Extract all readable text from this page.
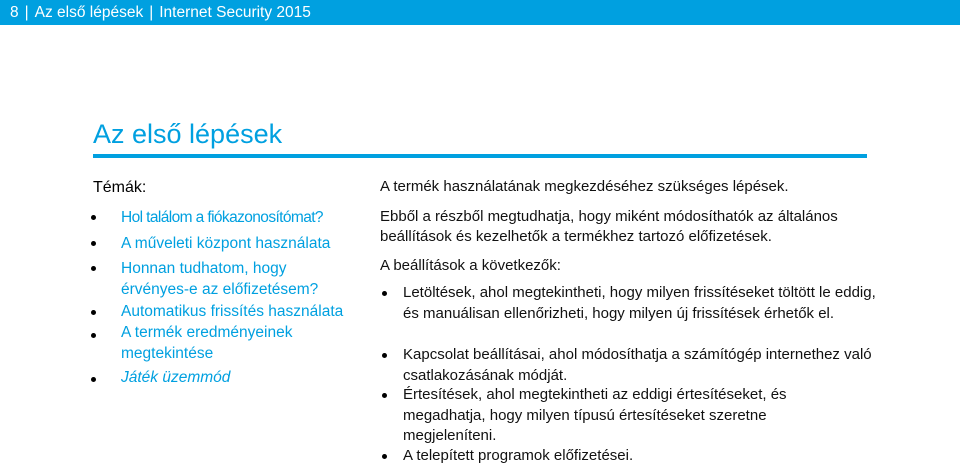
8 | Az első lépések | Internet Security 2015
Az első lépések
Témák:
Hol találom a fiókazonosítómat?
A műveleti központ használata
Honnan tudhatom, hogy érvényes-e az előfizetésem?
Automatikus frissítés használata
A termék eredményeinek megtekintése
Játék üzemmód
A termék használatának megkezdéséhez szükséges lépések.
Ebből a részből megtudhatja, hogy miként módosíthatók az általános beállítások és kezelhetők a termékhez tartozó előfizetések.
A beállítások a következők:
Letöltések, ahol megtekintheti, hogy milyen frissítéseket töltött le eddig, és manuálisan ellenőrizheti, hogy milyen új frissítések érhetők el.
Kapcsolat beállításai, ahol módosíthatja a számítógép internethez való csatlakozásának módját.
Értesítések, ahol megtekintheti az eddigi értesítéseket, és megadhatja, hogy milyen típusú értesítéseket szeretne megjeleníteni.
A telepített programok előfizetései.
